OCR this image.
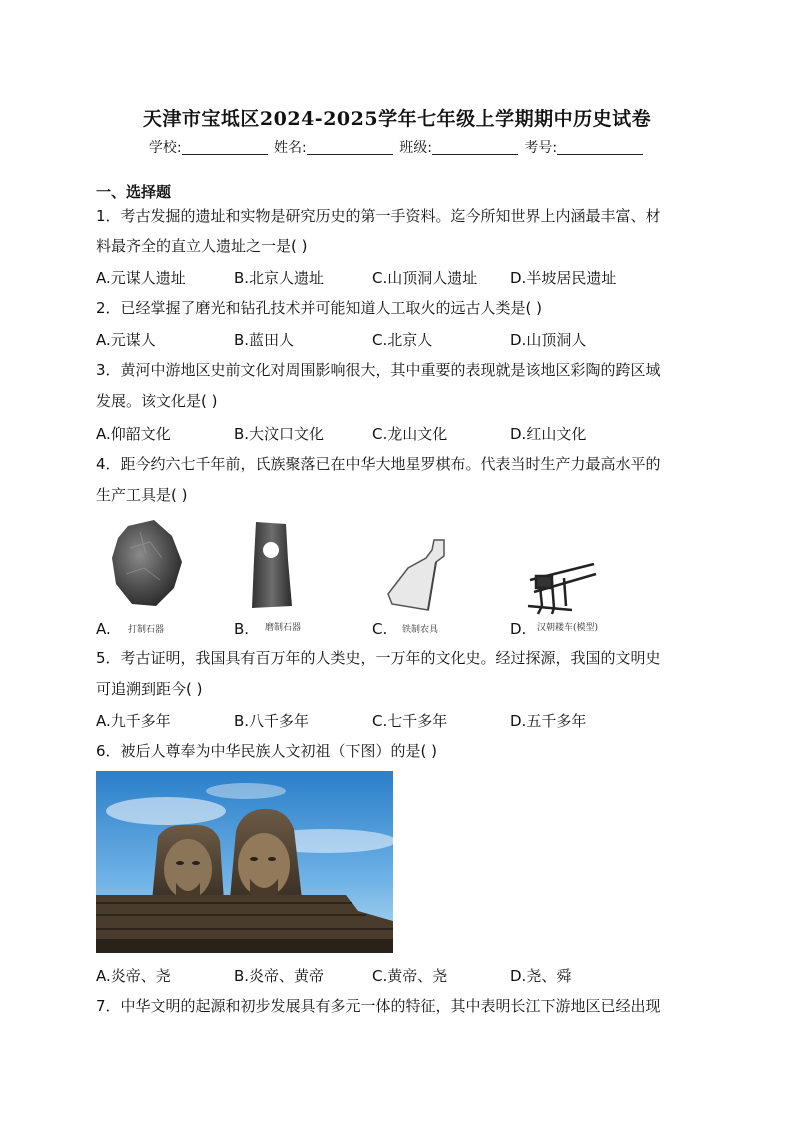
天津市宝坻区2024-2025学年七年级上学期期中历史试卷
学校:	姓名:	班级:	考号:
一、选择题
1．考古发掘的遗址和实物是研究历史的第一手资料。迄今所知世界上内涵最丰富、材
料最齐全的直立人遗址之一是( )
A.元谋人遗址	B.北京人遗址	C.山顶洞人遗址 D.半坡居民遗址
2．已经掌握了磨光和钻孔技术并可能知道人工取火的远古人类是( )
A.元谋人	B.蓝田人	C.北京人	D.山顶洞人
3．黄河中游地区史前文化对周围影响很大，其中重要的表现就是该地区彩陶的跨区域
发展。该文化是( )
A.仰韶文化	B.大汶口文化	C.龙山文化	D.红山文化
4．距今约六七千年前，氏族聚落已在中华大地星罗棋布。代表当时生产力最高水平的
生产工具是( )
A. 打制石器	B. 磨制石器	C. 铁制农具	D. 汉朝耧车(模型)
5．考古证明，我国具有百万年的人类史，一万年的文化史。经过探源，我国的文明史
可追溯到距今( )
A.九千多年	B.八千多年	C.七千多年	D.五千多年
6．被后人尊奉为中华民族人文初祖（下图）的是( )
A.炎帝、尧	B.炎帝、黄帝	C.黄帝、尧	D.尧、舜
7．中华文明的起源和初步发展具有多元一体的特征，其中表明长江下游地区已经出现
